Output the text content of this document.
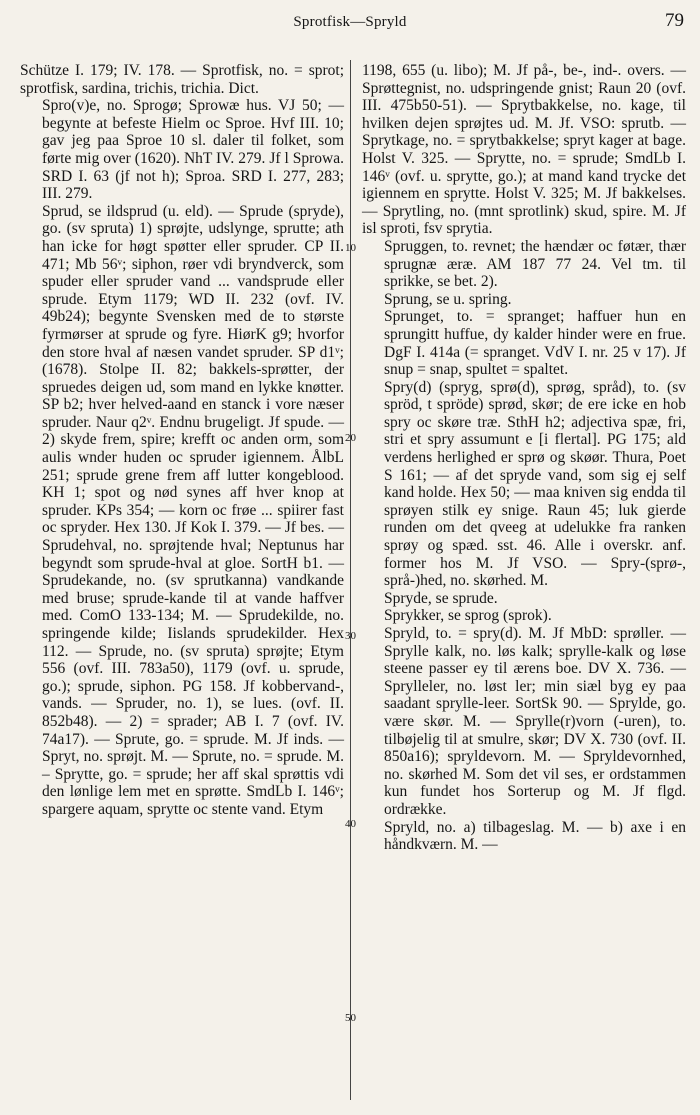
Sprotfisk—Spryld	79

Schütze I. 179; IV. 178. — Sprotfisk, no. = sprot; sprotfisk, sardina, trichis, trichia. Dict.

Spro(v)e, no. Sprogø; Sprowæ hus. VJ 50; — begynte at befeste Hielm oc Sproe. Hvf III. 10; gav jeg paa Sproe 10 sl. daler til folket, som førte mig over (1620). NhT IV. 279. Jf l Sprowa. SRD I. 63 (jf not h); Sproa. SRD I. 277, 283; III. 279.

Sprud, se ildsprud (u. eld). — Sprude (spryde), go. (sv spruta) 1) sprøjte, udslynge, sprutte; ath han icke for høgt spøtter eller spruder. CP II. 471; Mb 56ᵛ; siphon, røer vdi bryndverck, som spuder eller spruder vand ... vandsprude eller sprude. Etym 1179; WD II. 232 (ovf. IV. 49b24); begynte Svensken med de to største fyrmørser at sprude og fyre. HiørK g9; hvorfor den store hval af næsen vandet spruder. SP d1ᵛ; (1678). Stolpe II. 82; bakkels-sprøtter, der spruedes deigen ud, som mand en lykke knøtter. SP b2; hver helved-aand en stanck i vore næser spruder. Naur q2ᵛ. Endnu brugeligt. Jf spude. — 2) skyde frem, spire; krefft oc anden orm, som aulis wnder huden oc spruder igiennem. ÅlbL 251; sprude grene frem aff lutter kongeblood. KH 1; spot og nød synes aff hver knop at spruder. KPs 354; — korn oc frøe ... spiirer fast oc spryder. Hex 130. Jf Kok I. 379. — Jf bes. — Sprudehval, no. sprøjtende hval; Neptunus har begyndt som sprude-hval at gloe. SortH b1. — Sprudekande, no. (sv sprutkanna) vandkande med bruse; sprude-kande til at vande haffver med. ComO 133-134; M. — Sprudekilde, no. springende kilde; Iislands sprudekilder. Hex 112. — Sprude, no. (sv spruta) sprøjte; Etym 556 (ovf. III. 783a50), 1179 (ovf. u. sprude, go.); sprude, siphon. PG 158. Jf kobbervand-, vands. — Spruder, no. 1), se lues. (ovf. II. 852b48). — 2) = sprader; AB I. 7 (ovf. IV. 74a17). — Sprute, go. = sprude. M. Jf inds. — Spryt, no. sprøjt. M. — Sprute, no. = sprude. M. – Sprytte, go. = sprude; her aff skal sprøttis vdi den lønlige lem met en sprøtte. SmdLb I. 146ᵛ; spargere aquam, sprytte oc stente vand. Etym

10
20
30
40
50

1198, 655 (u. libo); M. Jf på-, be-, ind-. overs. — Sprøttegnist, no. udspringende gnist; Raun 20 (ovf. III. 475b50-51). — Sprytbakkelse, no. kage, til hvilken dejen sprøjtes ud. M. Jf. VSO: sprutb. — Sprytkage, no. = sprytbakkelse; spryt kager at bage. Holst V. 325. — Sprytte, no. = sprude; SmdLb I. 146ᵛ (ovf. u. sprytte, go.); at mand kand trycke det igiennem en sprytte. Holst V. 325; M. Jf bakkelses. — Sprytling, no. (mnt sprotlink) skud, spire. M. Jf isl sproti, fsv sprytia.

Spruggen, to. revnet; the hændær oc føtær, thær sprugnæ æræ. AM 187 77 24. Vel tm. til sprikke, se bet. 2).

Sprung, se u. spring.

Sprunget, to. = spranget; haffuer hun en sprungitt huffue, dy kalder hinder were en frue. DgF I. 414a (= spranget. VdV I. nr. 25 v 17). Jf snup = snap, spultet = spaltet.

Spry(d) (spryg, sprø(d), sprøg, språd), to. (sv spröd, t spröde) sprød, skør; de ere icke en hob spry oc skøre træ. SthH h2; adjectiva spæ, fri, stri et spry assumunt e [i flertal]. PG 175; ald verdens herlighed er sprø og skøør. Thura, Poet S 161; — af det spryde vand, som sig ej self kand holde. Hex 50; — maa kniven sig endda til sprøyen stilk ey snige. Raun 45; luk gierde runden om det qveeg at udelukke fra ranken sprøy og spæd. sst. 46. Alle i overskr. anf. former hos M. Jf VSO. — Spry-(sprø-, språ-)hed, no. skørhed. M.

Spryde, se sprude.

Sprykker, se sprog (sprok).

Spryld, to. = spry(d). M. Jf MbD: sprøller. — Sprylle kalk, no. løs kalk; sprylle-kalk og løse steene passer ey til ærens boe. DV X. 736. — Sprylleler, no. løst ler; min siæl byg ey paa saadant sprylle-leer. SortSk 90. — Sprylde, go. være skør. M. — Spryllе(r)vorn (-uren), to. tilbøjelig til at smulre, skør; DV X. 730 (ovf. II. 850a16); spryldevorn. M. — Spryldevornhed, no. skørhed M. Som det vil ses, er ordstammen kun fundet hos Sorterup og M. Jf flgd. ordrække.

Spryld, no. a) tilbageslag. M. — b) axe i en håndkværn. M. —
